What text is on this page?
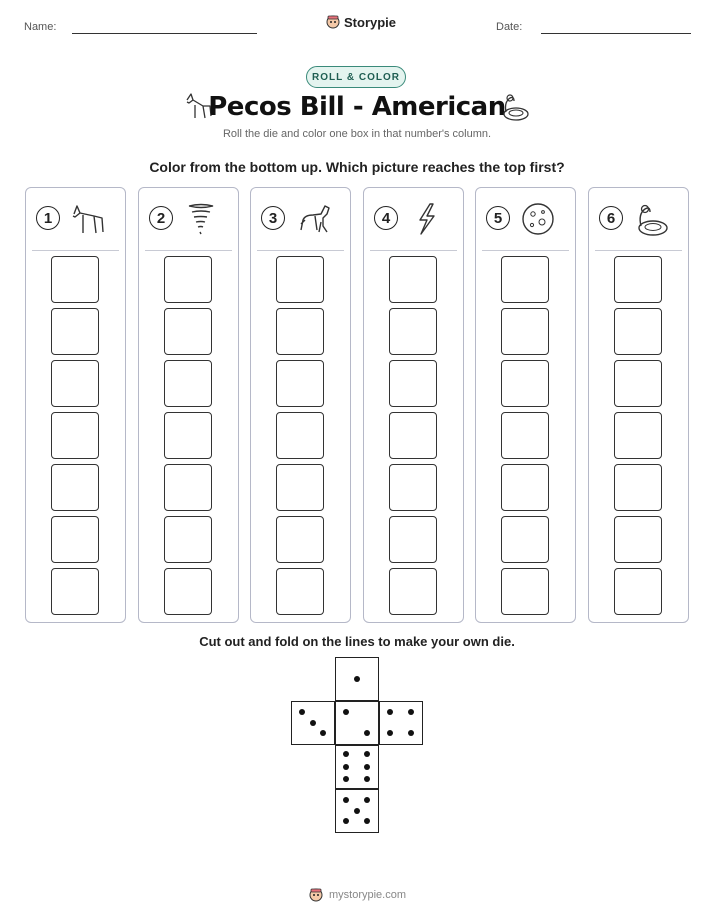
Name:	Storypie	Date:
ROLL & COLOR
Pecos Bill - American
Roll the die and color one box in that number's column.
Color from the bottom up. Which picture reaches the top first?
1	2	3	4	5	6
Cut out and fold on the lines to make your own die.
mystorypie.com
